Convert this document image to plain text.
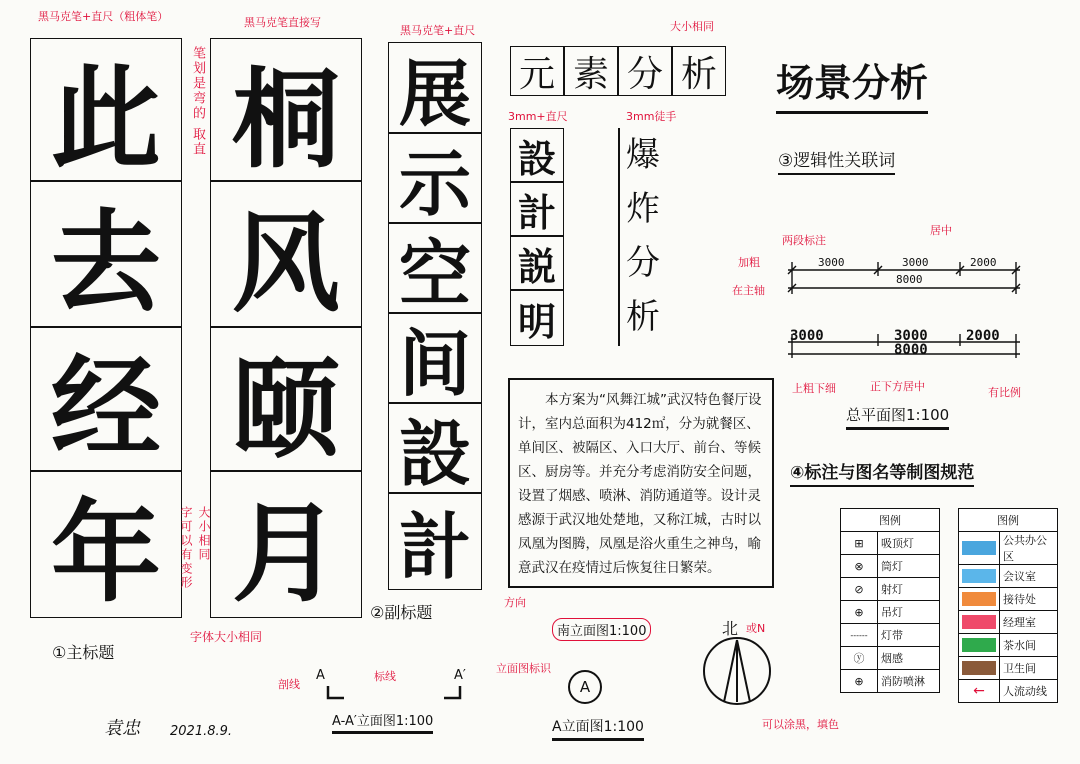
黑马克笔+直尺（粗体笔）	黑马克笔直接写
黑马克笔+直尺	大小相同
此
去
经
年
笔划是弯的 取直
①主标题
桐
风
颐
月
字可以有变形 大小相同
字体大小相同
展
示
空
间
設
計
②副标题
元 素 分 析 场景分析
3mm+直尺	3mm徒手
設
計
説
明
爆
炸
分
析
③逻辑性关联词
两段标注
居中
加粗
在主轴
3000	3000	2000
8000
3000	3000	2000
8000
上粗下细	正下方居中	有比例
总平面图1:100
④标注与图名等制图规范
本方案为“风舞江城”武汉特色餐厅设计，室内总面积为412㎡，分为就餐区、单间区、被隔区、入口大厅、前台、等候区、厨房等。并充分考虑消防安全问题，设置了烟感、喷淋、消防通道等。设计灵感源于武汉地处楚地，又称江城，古时以凤凰为图腾，凤凰是浴火重生之神鸟，喻意武汉在疫情过后恢复往日繁荣。
方向
图例	
⊞	吸顶灯
⊗	筒灯
⊘	射灯
⊕	吊灯
------	灯带
ⓨ	烟感
⊕	消防喷淋
图例	

	公共办公区

	会议室

	接待处

	经理室

	茶水间

	卫生间
←	人流动线
南立面图1:100
立面图标识
A
A立面图1:100
剖线
A	标线	A′
A-A′立面图1:100
北 或N
可以涂黑，填色
袁忠 2021.8.9.
